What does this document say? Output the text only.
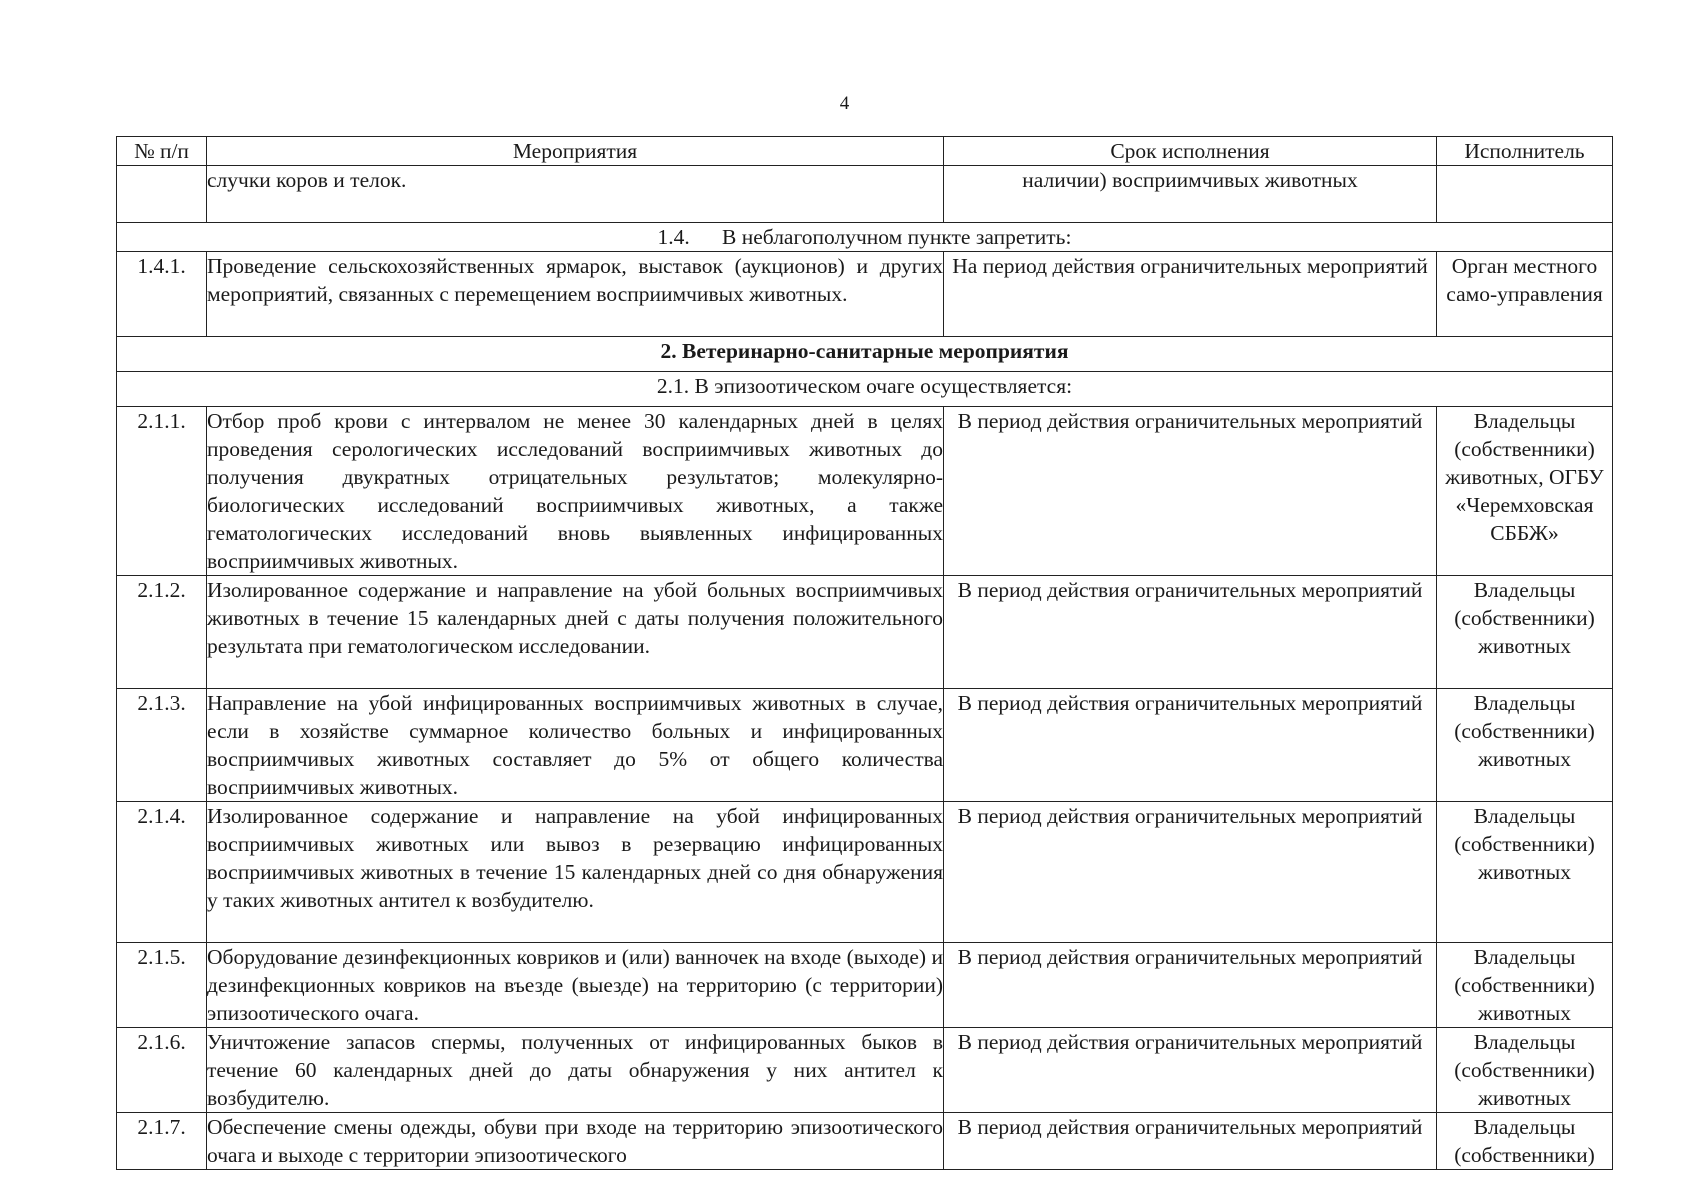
4
№ п/п	Мероприятия	Срок исполнения	Исполнитель
	случки коров и телок.	наличии) восприимчивых животных	
1.4.      В неблагополучном пункте запретить:			
1.4.1.	Проведение сельскохозяйственных ярмарок, выставок (аукционов) и других мероприятий, связанных с перемещением восприимчивых животных.	На период действия ограничительных мероприятий	Орган местного само-управления
2. Ветеринарно-санитарные мероприятия			
2.1. В эпизоотическом очаге осуществляется:			
2.1.1.	Отбор проб крови с интервалом не менее 30 календарных дней в целях проведения серологических исследований восприимчивых животных до получения двукратных отрицательных результатов; молекулярно-биологических исследований восприимчивых животных, а также гематологических исследований вновь выявленных инфицированных восприимчивых животных.	В период действия ограничительных мероприятий	Владельцы (собственники) животных, ОГБУ «Черемховская СББЖ»
2.1.2.	Изолированное содержание и направление на убой больных восприимчивых животных в течение 15 календарных дней с даты получения положительного результата при гематологическом исследовании.	В период действия ограничительных мероприятий	Владельцы (собственники) животных
2.1.3.	Направление на убой инфицированных восприимчивых животных в случае, если в хозяйстве суммарное количество больных и инфицированных восприимчивых животных составляет до 5% от общего количества восприимчивых животных.	В период действия ограничительных мероприятий	Владельцы (собственники) животных
2.1.4.	Изолированное содержание и направление на убой инфицированных восприимчивых животных или вывоз в резервацию инфицированных восприимчивых животных в течение 15 календарных дней со дня обнаружения у таких животных антител к возбудителю.	В период действия ограничительных мероприятий	Владельцы (собственники) животных
2.1.5.	Оборудование дезинфекционных ковриков и (или) ванночек на входе (выходе) и дезинфекционных ковриков на въезде (выезде) на территорию (с территории) эпизоотического очага.	В период действия ограничительных мероприятий	Владельцы (собственники) животных
2.1.6.	Уничтожение запасов спермы, полученных от инфицированных быков в течение 60 календарных дней до даты обнаружения у них антител к возбудителю.	В период действия ограничительных мероприятий	Владельцы (собственники) животных
2.1.7.	Обеспечение смены одежды, обуви при входе на территорию эпизоотического очага и выходе с территории эпизоотического	В период действия ограничительных мероприятий	Владельцы (собственники)
